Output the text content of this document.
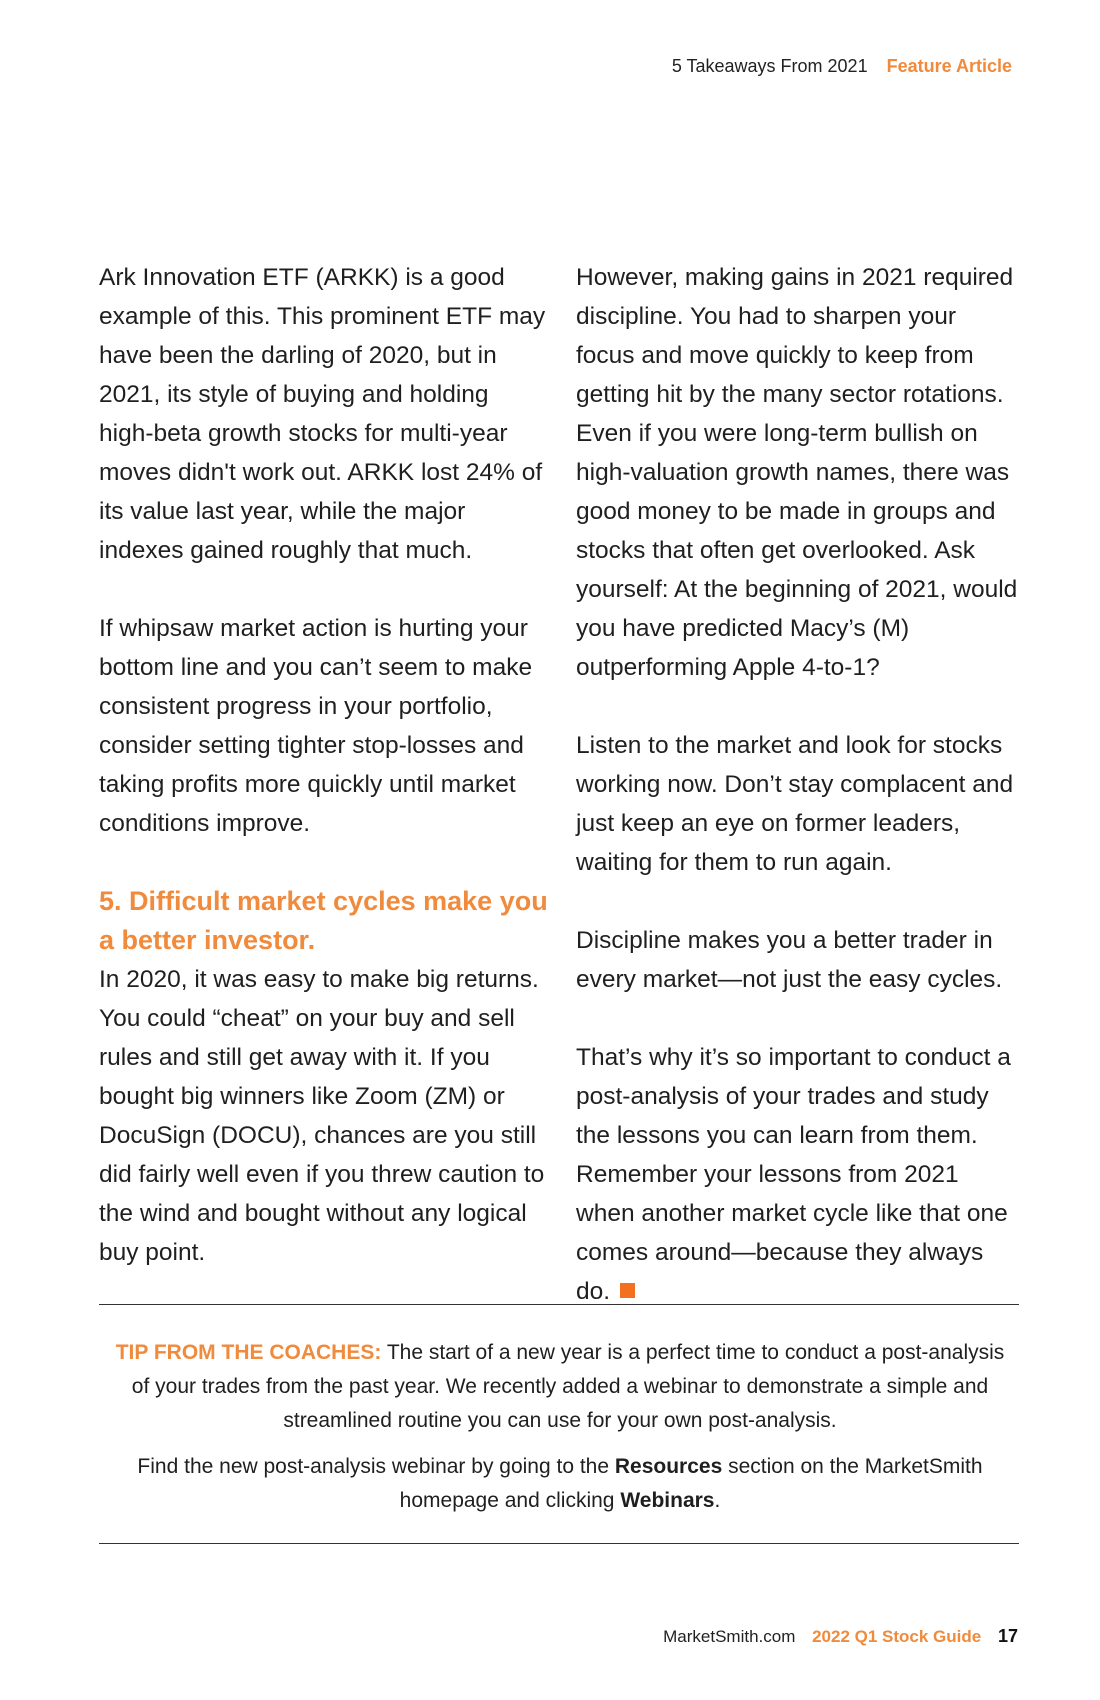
5 Takeaways From 2021 Feature Article

Ark Innovation ETF (ARKK) is a good example of this. This prominent ETF may have been the darling of 2020, but in 2021, its style of buying and holding high-beta growth stocks for multi-year moves didn't work out. ARKK lost 24% of its value last year, while the major indexes gained roughly that much.

If whipsaw market action is hurting your bottom line and you can’t seem to make consistent progress in your portfolio, consider setting tighter stop-losses and taking profits more quickly until market conditions improve.

5. Difficult market cycles make you a better investor.

In 2020, it was easy to make big returns. You could “cheat” on your buy and sell rules and still get away with it. If you bought big winners like Zoom (ZM) or DocuSign (DOCU), chances are you still did fairly well even if you threw caution to the wind and bought without any logical buy point.

However, making gains in 2021 required discipline. You had to sharpen your focus and move quickly to keep from getting hit by the many sector rotations. Even if you were long-term bullish on high-valuation growth names, there was good money to be made in groups and stocks that often get overlooked. Ask yourself: At the beginning of 2021, would you have predicted Macy’s (M) outperforming Apple 4-to-1?

Listen to the market and look for stocks working now. Don’t stay complacent and just keep an eye on former leaders, waiting for them to run again.

Discipline makes you a better trader in every market—not just the easy cycles.

That’s why it’s so important to conduct a post-analysis of your trades and study the lessons you can learn from them. Remember your lessons from 2021 when another market cycle like that one comes around—because they always do.

TIP FROM THE COACHES: The start of a new year is a perfect time to conduct a post-analysis of your trades from the past year. We recently added a webinar to demonstrate a simple and streamlined routine you can use for your own post-analysis.

Find the new post-analysis webinar by going to the Resources section on the MarketSmith homepage and clicking Webinars.

MarketSmith.com 2022 Q1 Stock Guide 17
